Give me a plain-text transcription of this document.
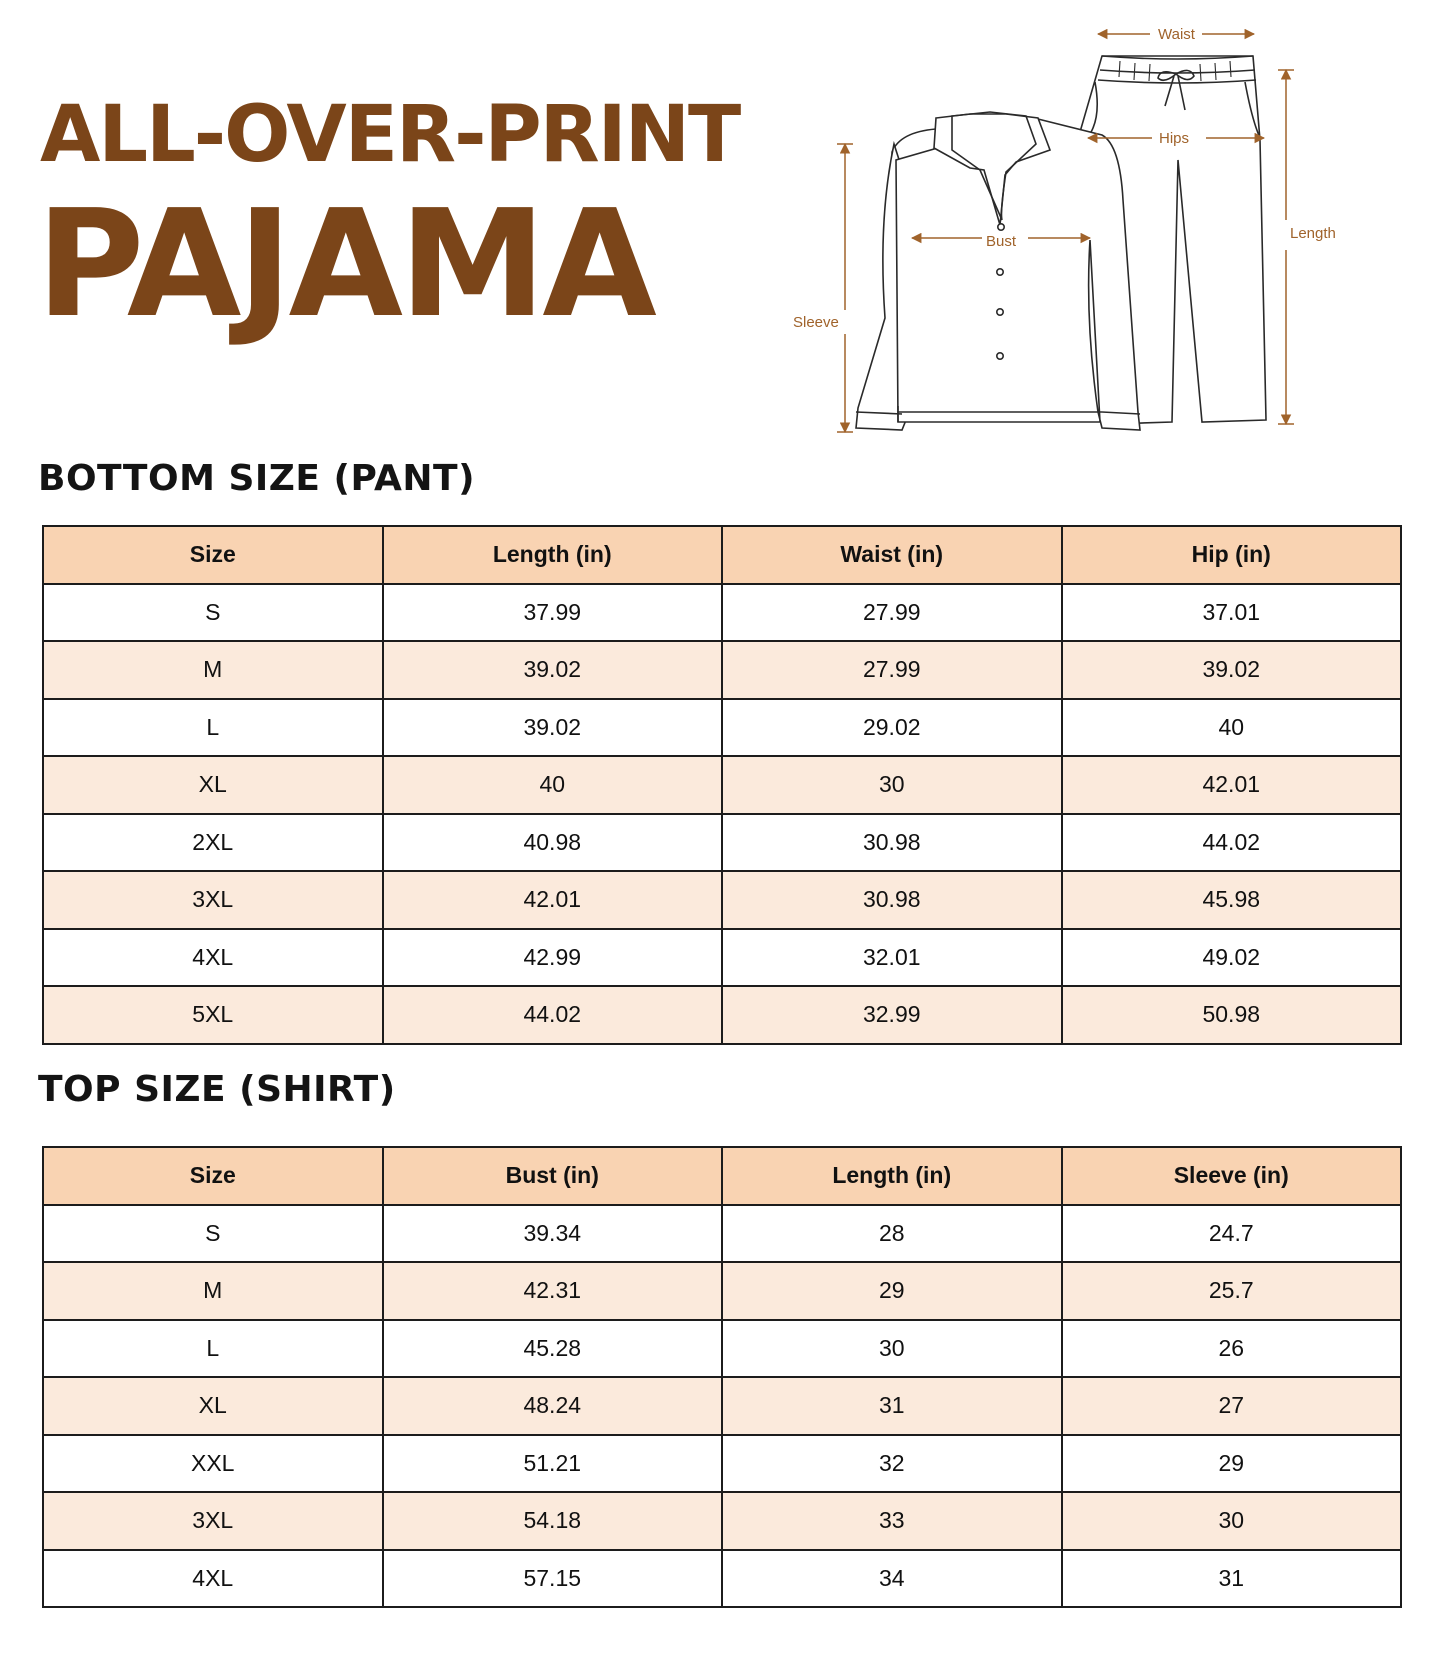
ALL-OVER-PRINT
PAJAMA
Waist
Hips
Bust	Length
Sleeve
BOTTOM SIZE (PANT)
Size	Length (in)	Waist (in)	Hip (in)
S	37.99	27.99	37.01
M	39.02	27.99	39.02
L	39.02	29.02	40
XL	40	30	42.01
2XL	40.98	30.98	44.02
3XL	42.01	30.98	45.98
4XL	42.99	32.01	49.02
5XL	44.02	32.99	50.98
TOP SIZE (SHIRT)
Size	Bust (in)	Length (in)	Sleeve (in)
S	39.34	28	24.7
M	42.31	29	25.7
L	45.28	30	26
XL	48.24	31	27
XXL	51.21	32	29
3XL	54.18	33	30
4XL	57.15	34	31
